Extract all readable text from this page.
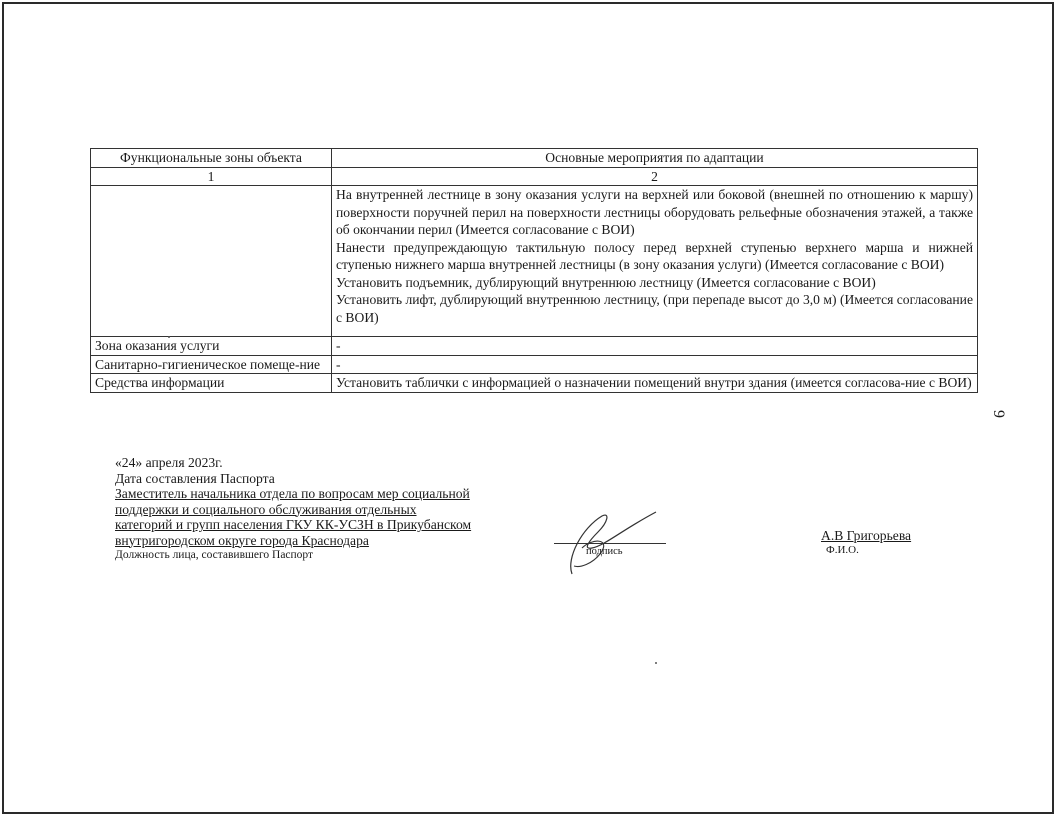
Функциональные зоны объекта	Основные мероприятия по адаптации
1	2

	На внутренней лестнице в зону оказания услуги на верхней или боковой (внешней по отношению к маршу) поверхности поручней перил на поверхности лестницы оборудовать рельефные обозначения этажей, а также об окончании перил (Имеется согласование с ВОИ)
Нанести предупреждающую тактильную полосу перед верхней ступенью верхнего марша и нижней ступенью нижнего марша внутренней лестницы (в зону оказания услуги) (Имеется согласование с ВОИ)
Установить подъемник, дублирующий внутреннюю лестницу (Имеется согласование с ВОИ)
Установить лифт, дублирующий внутреннюю лестницу, (при перепаде высот до 3,0 м) (Имеется согласование с ВОИ)

Зона оказания услуги	-
Санитарно-гигиеническое помеще-ние	-
Средства информации	Установить таблички с информацией о назначении помещений внутри здания (имеется согласова-ние с ВОИ)
9
«24» апреля 2023г.
Дата составления Паспорта
Заместитель начальника отдела по вопросам мер социальной
поддержки и социального обслуживания отдельных
категорий и групп населения ГКУ КК-УСЗН в Прикубанском
внутригородском округе города Краснодара
Должность лица, составившего Паспорт	подпись
А.В Григорьева
Ф.И.О.
